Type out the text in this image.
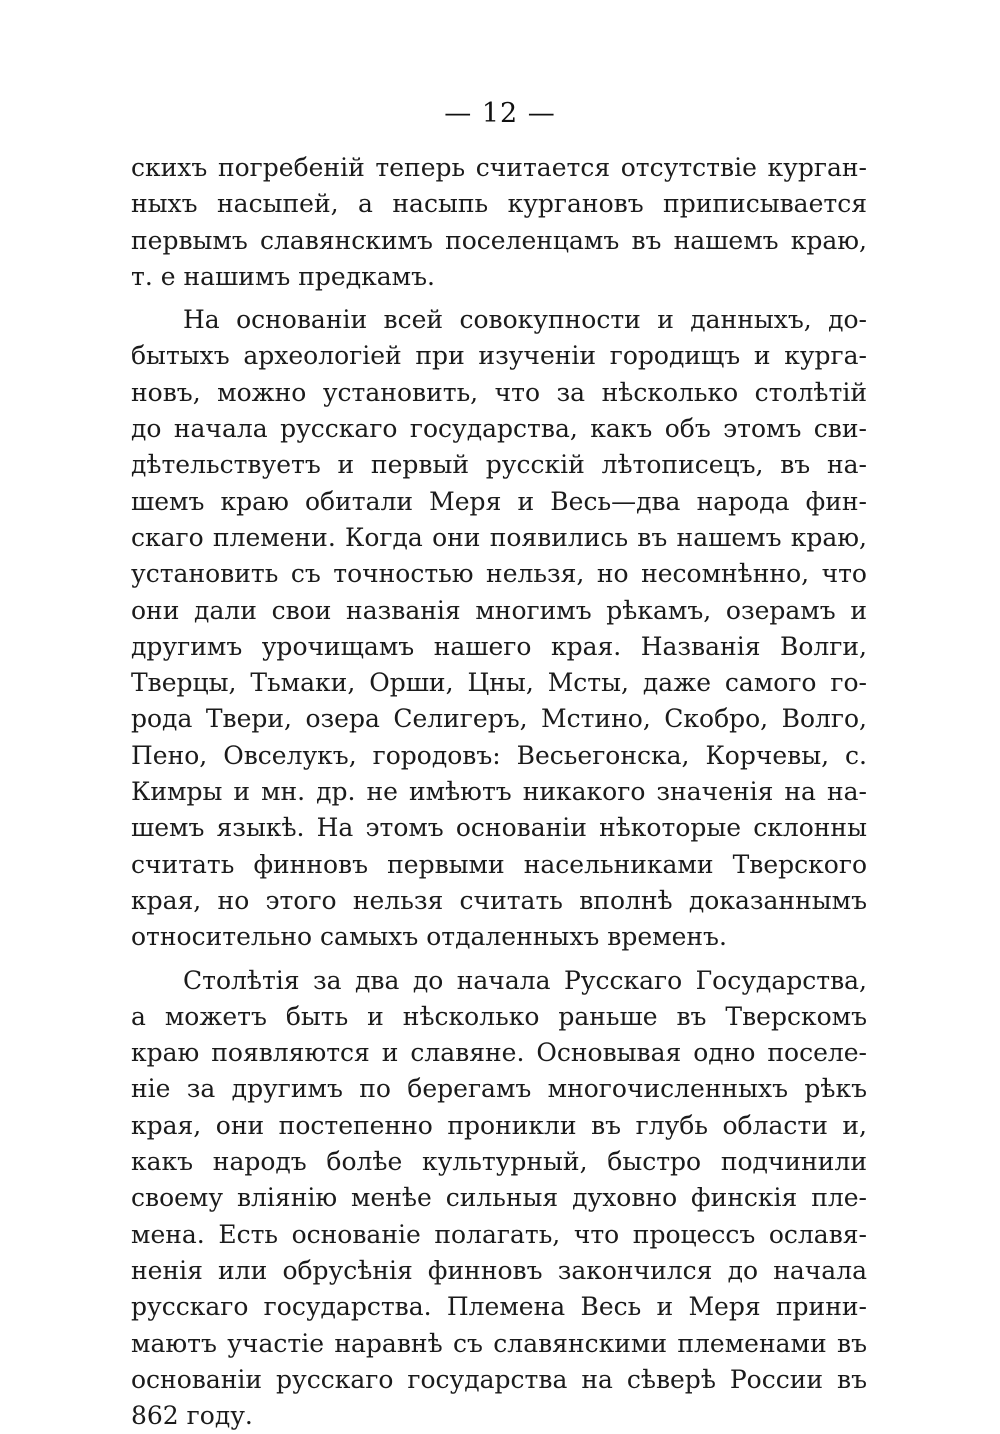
— 12 —
скихъ погребеній теперь считается отсутствіе курган-
ныхъ насыпей, а насыпь кургановъ приписывается
первымъ славянскимъ поселенцамъ въ нашемъ краю,
т. е нашимъ предкамъ.
На основаніи всей совокупности и данныхъ, до-
бытыхъ археологіей при изученіи городищъ и курга-
новъ, можно установить, что за нѣсколько столѣтій
до начала русскаго государства, какъ объ этомъ сви-
дѣтельствуетъ и первый русскій лѣтописецъ, въ на-
шемъ краю обитали Меря и Весь—два народа фин-
скаго племени. Когда они появились въ нашемъ краю,
установить съ точностью нельзя, но несомнѣнно, что
они дали свои названія многимъ рѣкамъ, озерамъ и
другимъ урочищамъ нашего края. Названія Волги,
Тверцы, Тьмаки, Орши, Цны, Мсты, даже самого го-
рода Твери, озера Селигеръ, Мстино, Скобро, Волго,
Пено, Овселукъ, городовъ: Весьегонска, Корчевы, с.
Кимры и мн. др. не имѣютъ никакого значенія на на-
шемъ языкѣ. На этомъ основаніи нѣкоторые склонны
считать финновъ первыми насельниками Тверского
края, но этого нельзя считать вполнѣ доказаннымъ
относительно самыхъ отдаленныхъ временъ.
Столѣтія за два до начала Русскаго Государства,
а можетъ быть и нѣсколько раньше въ Тверскомъ
краю появляются и славяне. Основывая одно поселе-
ніе за другимъ по берегамъ многочисленныхъ рѣкъ
края, они постепенно проникли въ глубь области и,
какъ народъ болѣе культурный, быстро подчинили
своему вліянію менѣе сильныя духовно финскія пле-
мена. Есть основаніе полагать, что процессъ ославя-
ненія или обрусѣнія финновъ закончился до начала
русскаго государства. Племена Весь и Меря прини-
маютъ участіе наравнѣ съ славянскими племенами въ
основаніи русскаго государства на сѣверѣ России въ
862 году.
